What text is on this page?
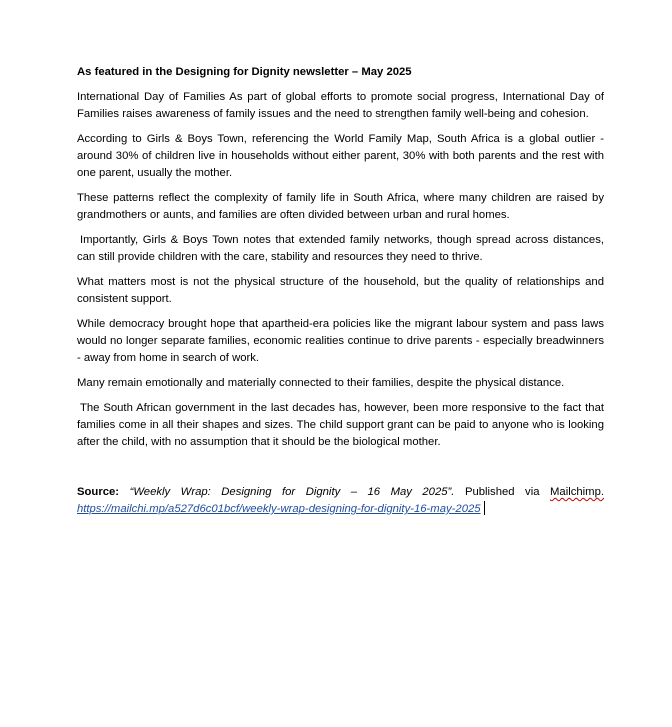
As featured in the Designing for Dignity newsletter – May 2025

International Day of Families As part of global efforts to promote social progress, International Day of Families raises awareness of family issues and the need to strengthen family well-being and cohesion.

According to Girls & Boys Town, referencing the World Family Map, South Africa is a global outlier - around 30% of children live in households without either parent, 30% with both parents and the rest with one parent, usually the mother.

These patterns reflect the complexity of family life in South Africa, where many children are raised by grandmothers or aunts, and families are often divided between urban and rural homes.

Importantly, Girls & Boys Town notes that extended family networks, though spread across distances, can still provide children with the care, stability and resources they need to thrive.

What matters most is not the physical structure of the household, but the quality of relationships and consistent support.

While democracy brought hope that apartheid-era policies like the migrant labour system and pass laws would no longer separate families, economic realities continue to drive parents - especially breadwinners - away from home in search of work.

Many remain emotionally and materially connected to their families, despite the physical distance.

The South African government in the last decades has, however, been more responsive to the fact that families come in all their shapes and sizes. The child support grant can be paid to anyone who is looking after the child, with no assumption that it should be the biological mother.

Source: “Weekly Wrap: Designing for Dignity – 16 May 2025”. Published via Mailchimp. https://mailchi.mp/a527d6c01bcf/weekly-wrap-designing-for-dignity-16-may-2025
